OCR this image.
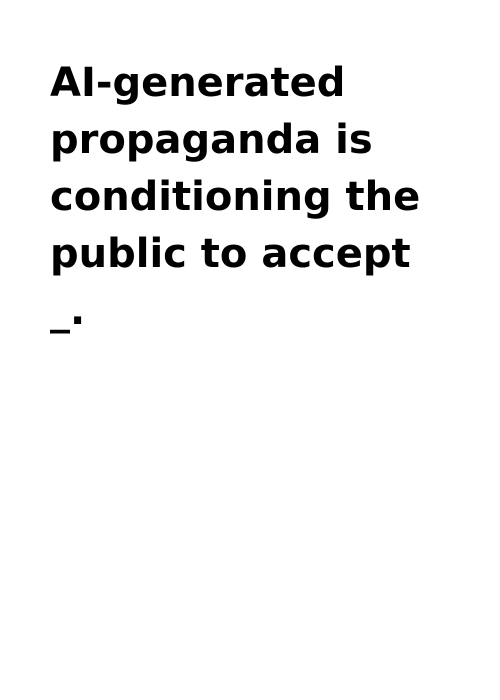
AI-generated
propaganda is
conditioning the
public to accept
_.
